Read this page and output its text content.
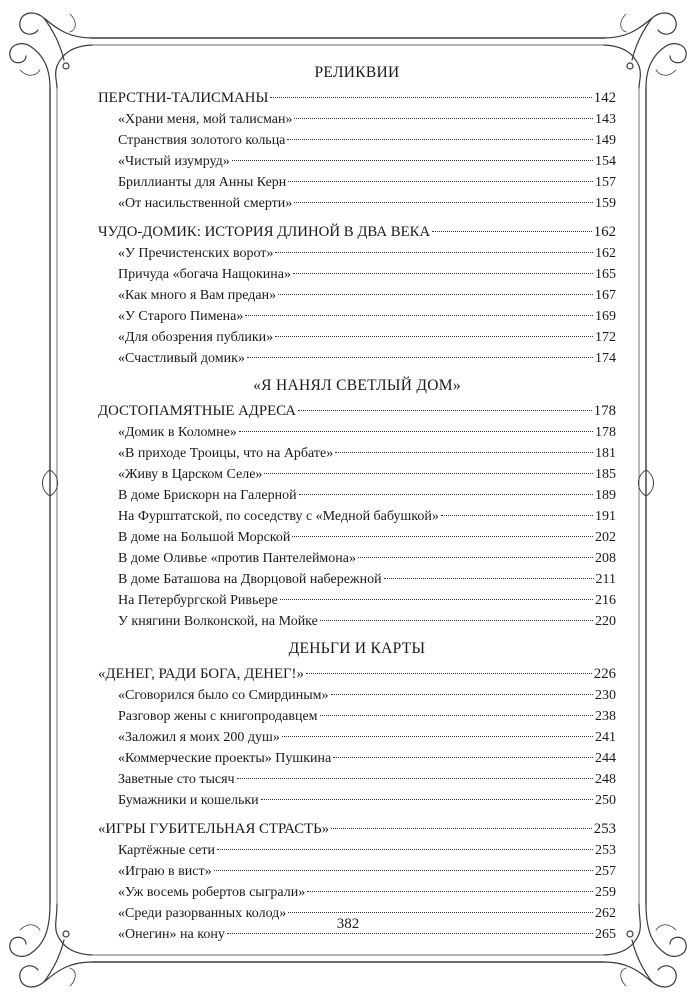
РЕЛИКВИИ
ПЕРСТНИ-ТАЛИСМАНЫ	142
«Храни меня, мой талисман»	143
Странствия золотого кольца	149
«Чистый изумруд»	154
Бриллианты для Анны Керн	157
«От насильственной смерти»	159
ЧУДО-ДОМИК: ИСТОРИЯ ДЛИНОЙ В ДВА ВЕКА	162
«У Пречистенских ворот»	162
Причуда «богача Нащокина»	165
«Как много я Вам предан»	167
«У Старого Пимена»	169
«Для обозрения публики»	172
«Счастливый домик»	174
«Я НАНЯЛ СВЕТЛЫЙ ДОМ»
ДОСТОПАМЯТНЫЕ АДРЕСА	178
«Домик в Коломне»	178
«В приходе Троицы, что на Арбате»	181
«Живу в Царском Селе»	185
В доме Брискорн на Галерной	189
На Фурштатской, по соседству с «Медной бабушкой»	191
В доме на Большой Морской	202
В доме Оливье «против Пантелеймона»	208
В доме Баташова на Дворцовой набережной	211
На Петербургской Ривьере	216
У княгини Волконской, на Мойке	220
ДЕНЬГИ И КАРТЫ
«ДЕНЕГ, РАДИ БОГА, ДЕНЕГ!»	226
«Сговорился было со Смирдиным»	230
Разговор жены с книгопродавцем	238
«Заложил я моих 200 душ»	241
«Коммерческие проекты» Пушкина	244
Заветные сто тысяч	248
Бумажники и кошельки	250
«ИГРЫ ГУБИТЕЛЬНАЯ СТРАСТЬ»	253
Картёжные сети	253
«Играю в вист»	257
«Уж восемь робертов сыграли»	259
«Среди разорванных колод»	262
«Онегин» на кону	265
382
